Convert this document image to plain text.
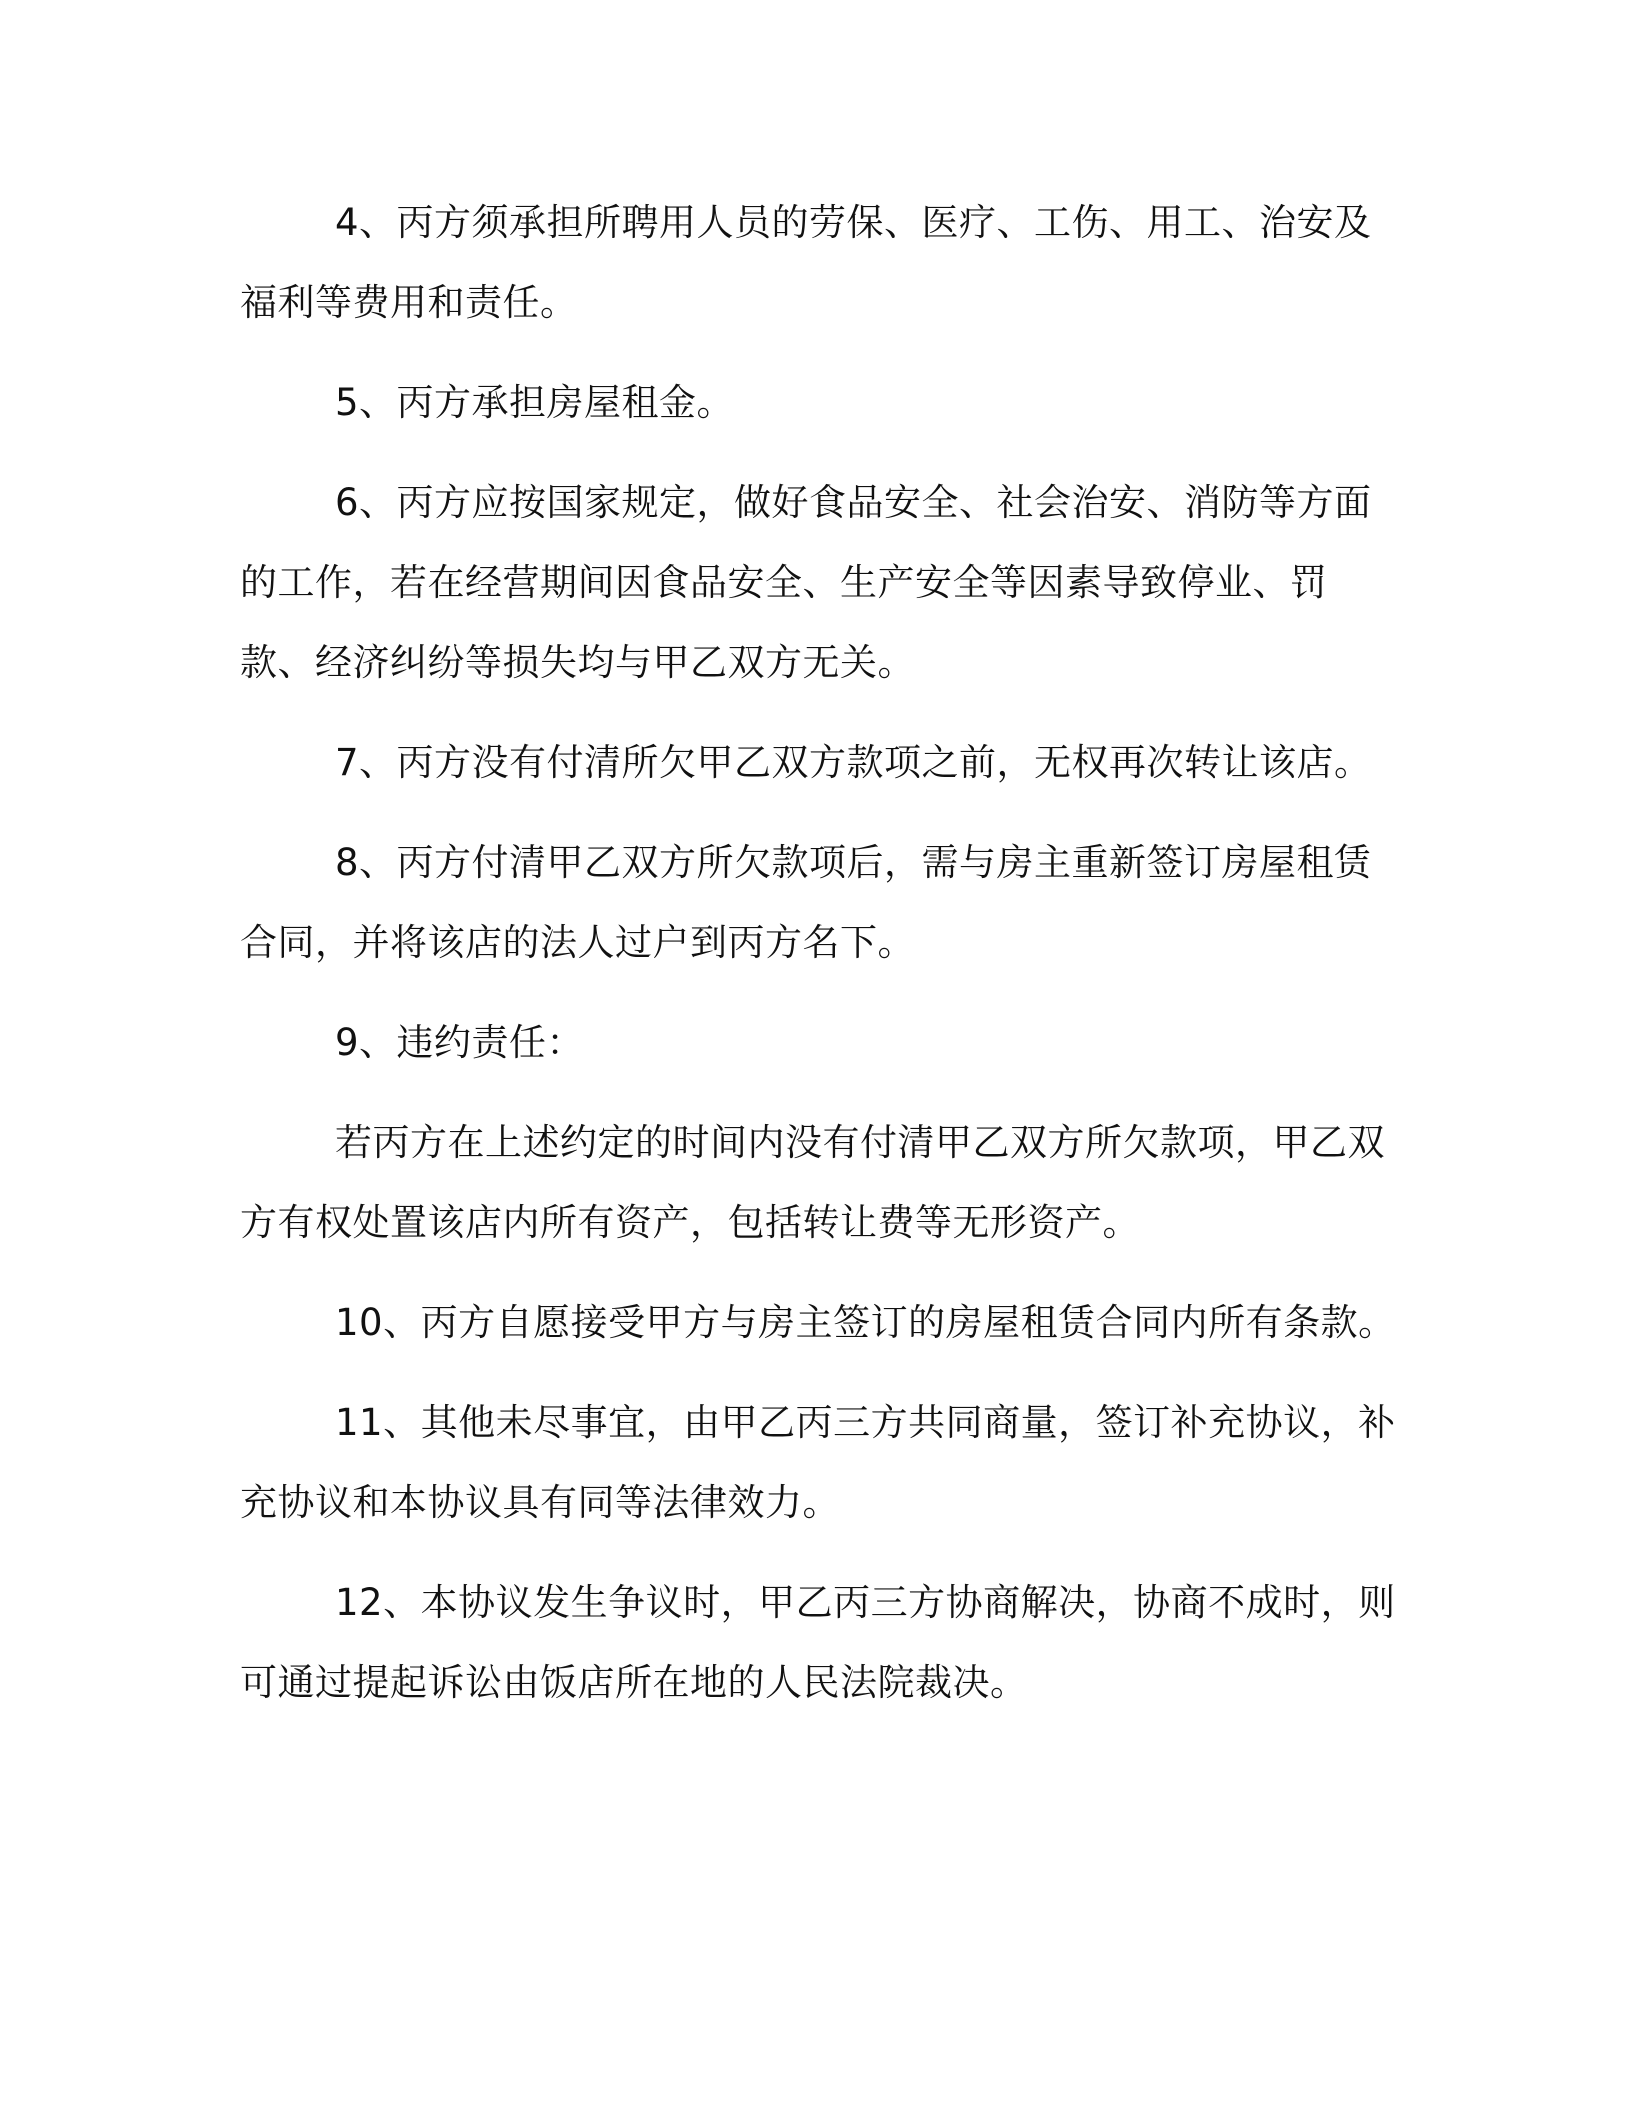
4、丙方须承担所聘用人员的劳保、医疗、工伤、用工、治安及福利等费用和责任。

5、丙方承担房屋租金。

6、丙方应按国家规定，做好食品安全、社会治安、消防等方面的工作，若在经营期间因食品安全、生产安全等因素导致停业、罚款、经济纠纷等损失均与甲乙双方无关。

7、丙方没有付清所欠甲乙双方款项之前，无权再次转让该店。

8、丙方付清甲乙双方所欠款项后，需与房主重新签订房屋租赁合同，并将该店的法人过户到丙方名下。

9、违约责任：

若丙方在上述约定的时间内没有付清甲乙双方所欠款项，甲乙双方有权处置该店内所有资产，包括转让费等无形资产。

10、丙方自愿接受甲方与房主签订的房屋租赁合同内所有条款。

11、其他未尽事宜，由甲乙丙三方共同商量，签订补充协议，补充协议和本协议具有同等法律效力。

12、本协议发生争议时，甲乙丙三方协商解决，协商不成时，则可通过提起诉讼由饭店所在地的人民法院裁决。
